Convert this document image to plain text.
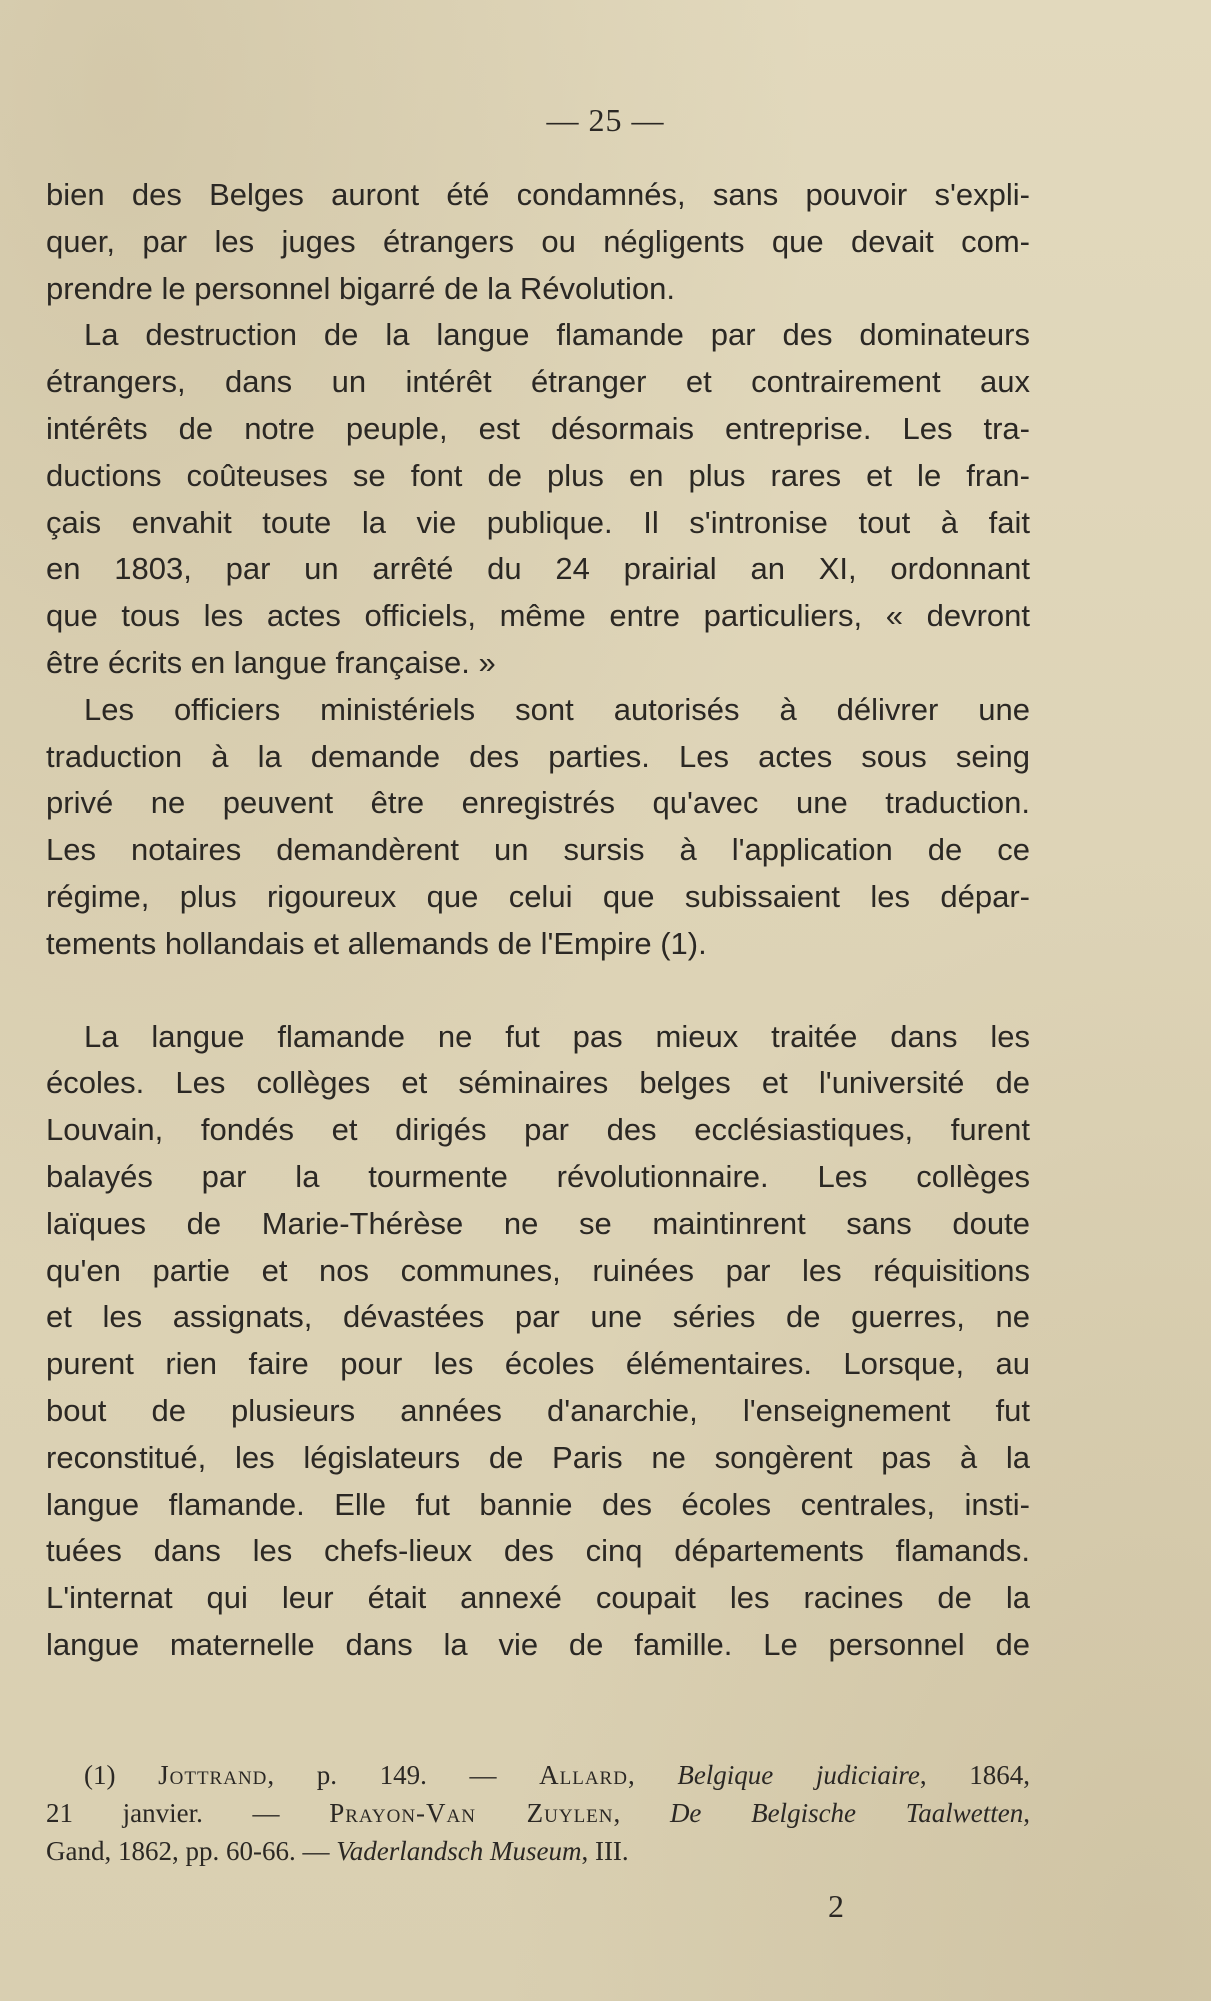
— 25 —
bien des Belges auront été condamnés, sans pouvoir s'expli-
quer, par les juges étrangers ou négligents que devait com-
prendre le personnel bigarré de la Révolution.
La destruction de la langue flamande par des dominateurs
étrangers, dans un intérêt étranger et contrairement aux
intérêts de notre peuple, est désormais entreprise. Les tra-
ductions coûteuses se font de plus en plus rares et le fran-
çais envahit toute la vie publique. Il s'intronise tout à fait
en 1803, par un arrêté du 24 prairial an XI, ordonnant
que tous les actes officiels, même entre particuliers, « devront
être écrits en langue française. »
Les officiers ministériels sont autorisés à délivrer une
traduction à la demande des parties. Les actes sous seing
privé ne peuvent être enregistrés qu'avec une traduction.
Les notaires demandèrent un sursis à l'application de ce
régime, plus rigoureux que celui que subissaient les dépar-
tements hollandais et allemands de l'Empire (1).
La langue flamande ne fut pas mieux traitée dans les
écoles. Les collèges et séminaires belges et l'université de
Louvain, fondés et dirigés par des ecclésiastiques, furent
balayés par la tourmente révolutionnaire. Les collèges
laïques de Marie-Thérèse ne se maintinrent sans doute
qu'en partie et nos communes, ruinées par les réquisitions
et les assignats, dévastées par une séries de guerres, ne
purent rien faire pour les écoles élémentaires. Lorsque, au
bout de plusieurs années d'anarchie, l'enseignement fut
reconstitué, les législateurs de Paris ne songèrent pas à la
langue flamande. Elle fut bannie des écoles centrales, insti-
tuées dans les chefs-lieux des cinq départements flamands.
L'internat qui leur était annexé coupait les racines de la
langue maternelle dans la vie de famille. Le personnel de
(1) Jottrand, p. 149. — Allard, Belgique judiciaire, 1864,
21 janvier. — Prayon-Van Zuylen, De Belgische Taalwetten,
Gand, 1862, pp. 60-66. — Vaderlandsch Museum, III.
2
